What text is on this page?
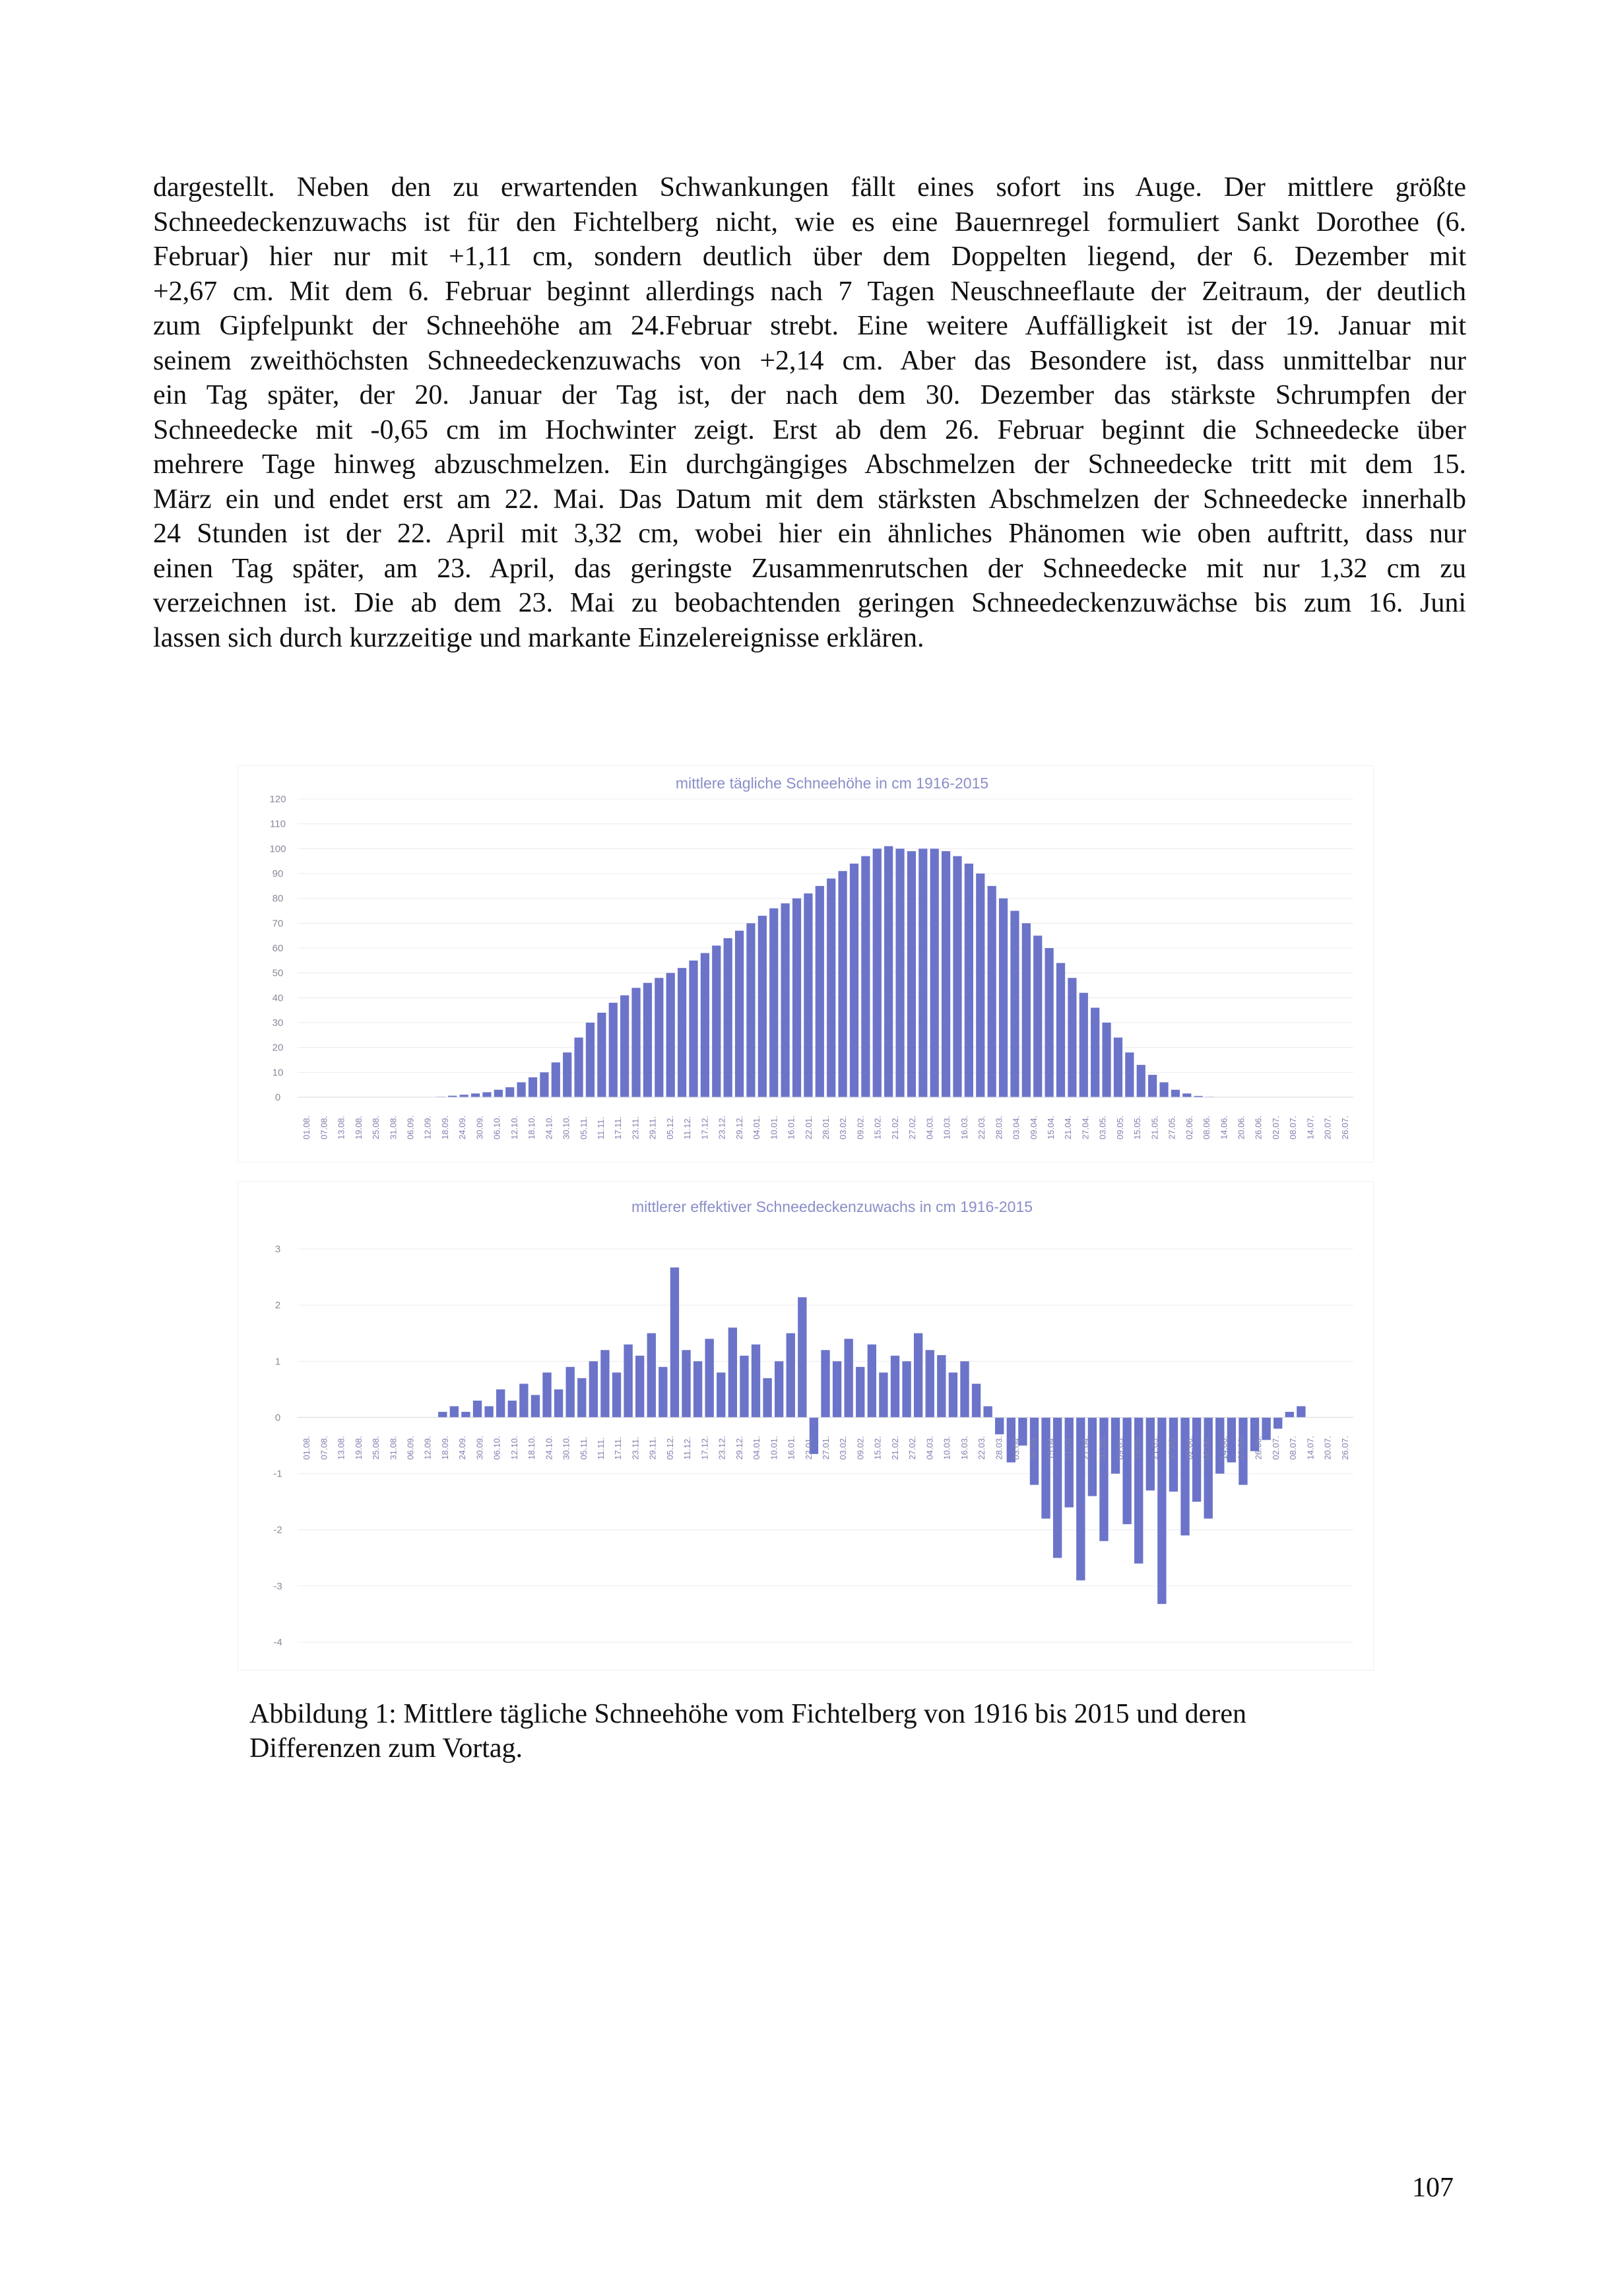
dargestellt. Neben den zu erwartenden Schwankungen fällt eines sofort ins Auge. Der mittlere größte

Schneedeckenzuwachs ist für den Fichtelberg nicht, wie es eine Bauernregel formuliert Sankt Dorothee (6.

Februar) hier nur mit +1,11 cm, sondern deutlich über dem Doppelten liegend, der 6. Dezember mit

+2,67 cm. Mit dem 6. Februar beginnt allerdings nach 7 Tagen Neuschneeflaute der Zeitraum, der deutlich

zum Gipfelpunkt der Schneehöhe am 24.Februar strebt. Eine weitere Auffälligkeit ist der 19. Januar mit

seinem zweithöchsten Schneedeckenzuwachs von +2,14 cm. Aber das Besondere ist, dass unmittelbar nur

ein Tag später, der 20. Januar der Tag ist, der nach dem 30. Dezember das stärkste Schrumpfen der

Schneedecke mit -0,65 cm im Hochwinter zeigt. Erst ab dem 26. Februar beginnt die Schneedecke über

mehrere Tage hinweg abzuschmelzen. Ein durchgängiges Abschmelzen der Schneedecke tritt mit dem 15.

März ein und endet erst am 22. Mai. Das Datum mit dem stärksten Abschmelzen der Schneedecke innerhalb

24 Stunden ist der 22. April mit 3,32 cm, wobei hier ein ähnliches Phänomen wie oben auftritt, dass nur

einen Tag später, am 23. April, das geringste Zusammenrutschen der Schneedecke mit nur 1,32 cm zu

verzeichnen ist. Die ab dem 23. Mai zu beobachtenden geringen Schneedeckenzuwächse bis zum 16. Juni

lassen sich durch kurzzeitige und markante Einzelereignisse erklären.

mittlere tägliche Schneehöhe in cm 1916-2015
0
10
20
30
40
50
60
70
80
90
100
110
120
01.08. 07.08. 13.08. 19.08. 25.08. 31.08. 06.09. 12.09. 18.09. 24.09. 30.09. 06.10. 12.10. 18.10. 24.10. 30.10. 05.11. 11.11. 17.11. 23.11. 29.11. 05.12. 11.12. 17.12. 23.12. 29.12. 04.01. 10.01. 16.01. 22.01. 28.01. 03.02. 09.02. 15.02. 21.02. 27.02. 04.03. 10.03. 16.03. 22.03. 28.03. 03.04. 09.04. 15.04. 21.04. 27.04. 03.05. 09.05. 15.05. 21.05. 27.05. 02.06. 08.06. 14.06. 20.06. 26.06. 02.07. 08.07. 14.07. 20.07. 26.07.
mittlerer effektiver Schneedeckenzuwachs in cm 1916-2015
-4
-3
-2
-1
0
1
2
3
01.08. 07.08. 13.08. 19.08. 25.08. 31.08. 06.09. 12.09. 18.09. 24.09. 30.09. 06.10. 12.10. 18.10. 24.10. 30.10. 05.11. 11.11. 17.11. 23.11. 29.11. 05.12. 11.12. 17.12. 23.12. 29.12. 04.01. 10.01. 16.01. 22.01. 27.01. 03.02. 09.02. 15.02. 21.02. 27.02. 04.03. 10.03. 16.03. 22.03. 28.03. 03.04. 09.04. 15.04. 21.04. 27.04. 03.05. 09.05. 15.05. 21.05. 27.05. 02.06. 08.06. 14.06. 20.06. 26.06. 02.07. 08.07. 14.07. 20.07. 26.07.

Abbildung 1: Mittlere tägliche Schneehöhe vom Fichtelberg von 1916 bis 2015 und deren Differenzen zum Vortag.

107
